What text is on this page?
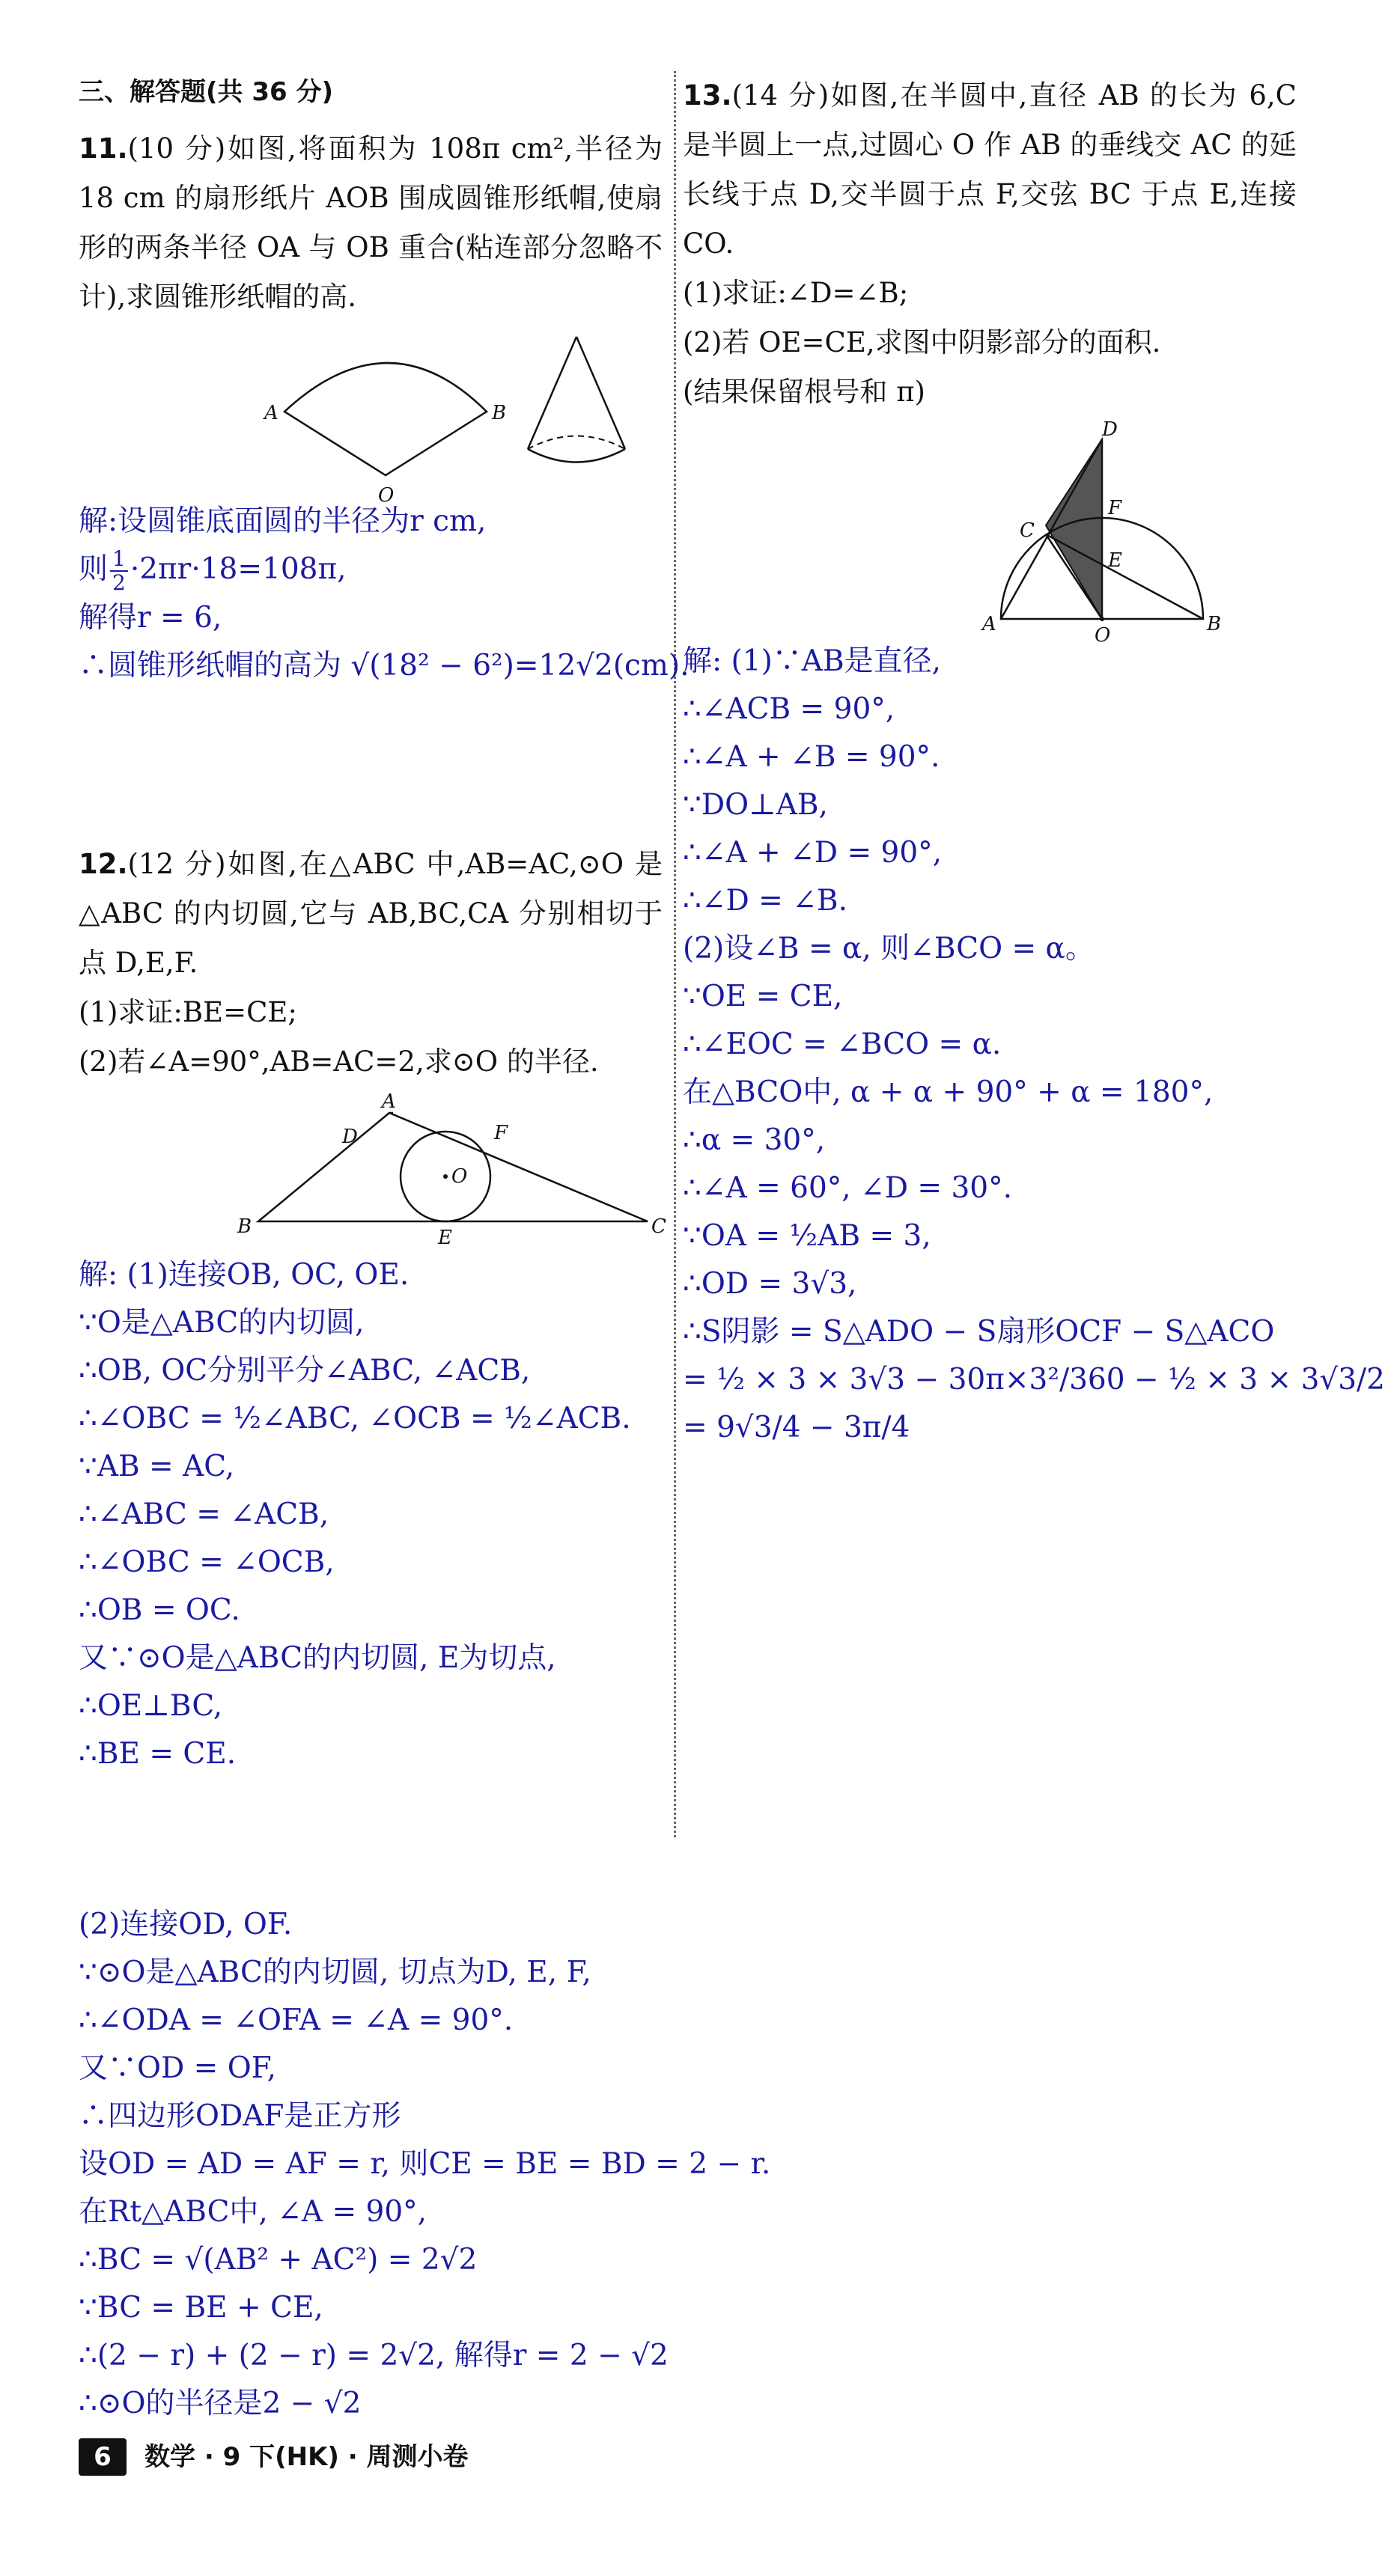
三、解答题(共 36 分)
11.(10 分)如图,将面积为 108π cm²,半径为 18 cm 的扇形纸片 AOB 围成圆锥形纸帽,使扇形的两条半径 OA 与 OB 重合(粘连部分忽略不计),求圆锥形纸帽的高.
A	B
O
解:设圆锥底面圆的半径为r cm,
则 $\frac{1}{2} \cdot 2\pi r\cdot 18=108\pi$,
解得r = 6,
∴圆锥形纸帽的高为 √(18² − 6²)=12√2(cm).
12.(12 分)如图,在△ABC 中,AB=AC,⊙O 是△ABC 的内切圆,它与 AB,BC,CA 分别相切于点 D,E,F.
(1)求证:BE=CE;
(2)若∠A=90°,AB=AC=2,求⊙O 的半径.
A
B	C
D
E
F
O
解: (1)连接OB, OC, OE.
∵O是△ABC的内切圆,
∴OB, OC分别平分∠ABC, ∠ACB,
∴∠OBC = ½∠ABC, ∠OCB = ½∠ACB.
∵AB = AC,
∴∠ABC = ∠ACB,
∴∠OBC = ∠OCB,
∴OB = OC.
又∵⊙O是△ABC的内切圆, E为切点,
∴OE⊥BC,
∴BE = CE.
13.(14 分)如图,在半圆中,直径 AB 的长为 6,C 是半圆上一点,过圆心 O 作 AB 的垂线交 AC 的延长线于点 D,交半圆于点 F,交弦 BC 于点 E,连接 CO.
(1)求证:∠D=∠B;
(2)若 OE=CE,求图中阴影部分的面积.
(结果保留根号和 π)
D
C
F
E
A	B
O
解: (1)∵AB是直径,
∴∠ACB = 90°,
∴∠A + ∠B = 90°.
∵DO⊥AB,
∴∠A + ∠D = 90°,
∴∠D = ∠B.
(2)设∠B = α, 则∠BCO = α。
∵OE = CE,
∴∠EOC = ∠BCO = α.
在△BCO中, α + α + 90° + α = 180°,
∴α = 30°,
∴∠A = 60°, ∠D = 30°.
∵OA = ½AB = 3,
∴OD = 3√3,
∴S阴影 = S△ADO − S扇形OCF − S△ACO
= ½ × 3 × 3√3 − 30π×3²/360 − ½ × 3 × 3√3/2
= 9√3/4 − 3π/4
(2)连接OD, OF.
∵⊙O是△ABC的内切圆, 切点为D, E, F,
∴∠ODA = ∠OFA = ∠A = 90°.
又∵OD = OF,
∴四边形ODAF是正方形
设OD = AD = AF = r, 则CE = BE = BD = 2 − r.
在Rt△ABC中, ∠A = 90°,
∴BC = √(AB² + AC²) = 2√2
∵BC = BE + CE,
∴(2 − r) + (2 − r) = 2√2, 解得r = 2 − √2
∴⊙O的半径是2 − √2
6 数学 · 9 下(HK) · 周测小卷
